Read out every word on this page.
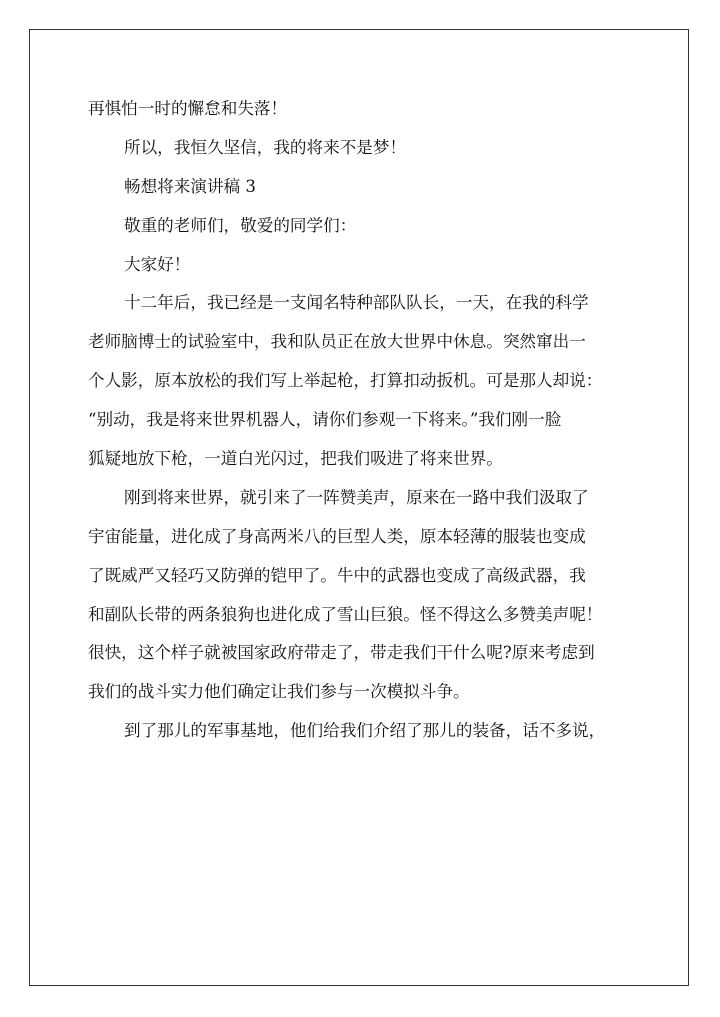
再惧怕一时的懈怠和失落！
所以，我恒久坚信，我的将来不是梦！
畅想将来演讲稿 3
敬重的老师们，敬爱的同学们：
大家好！
十二年后，我已经是一支闻名特种部队队长，一天，在我的科学
老师脑博士的试验室中，我和队员正在放大世界中休息。突然窜出一
个人影，原本放松的我们写上举起枪，打算扣动扳机。可是那人却说：
“别动，我是将来世界机器人，请你们参观一下将来。”我们刚一脸
狐疑地放下枪，一道白光闪过，把我们吸进了将来世界。
刚到将来世界，就引来了一阵赞美声，原来在一路中我们汲取了
宇宙能量，进化成了身高两米八的巨型人类，原本轻薄的服装也变成
了既威严又轻巧又防弹的铠甲了。牛中的武器也变成了高级武器，我
和副队长带的两条狼狗也进化成了雪山巨狼。怪不得这么多赞美声呢！
很快，这个样子就被国家政府带走了，带走我们干什么呢?原来考虑到
我们的战斗实力他们确定让我们参与一次模拟斗争。
到了那儿的军事基地，他们给我们介绍了那儿的装备，话不多说，
